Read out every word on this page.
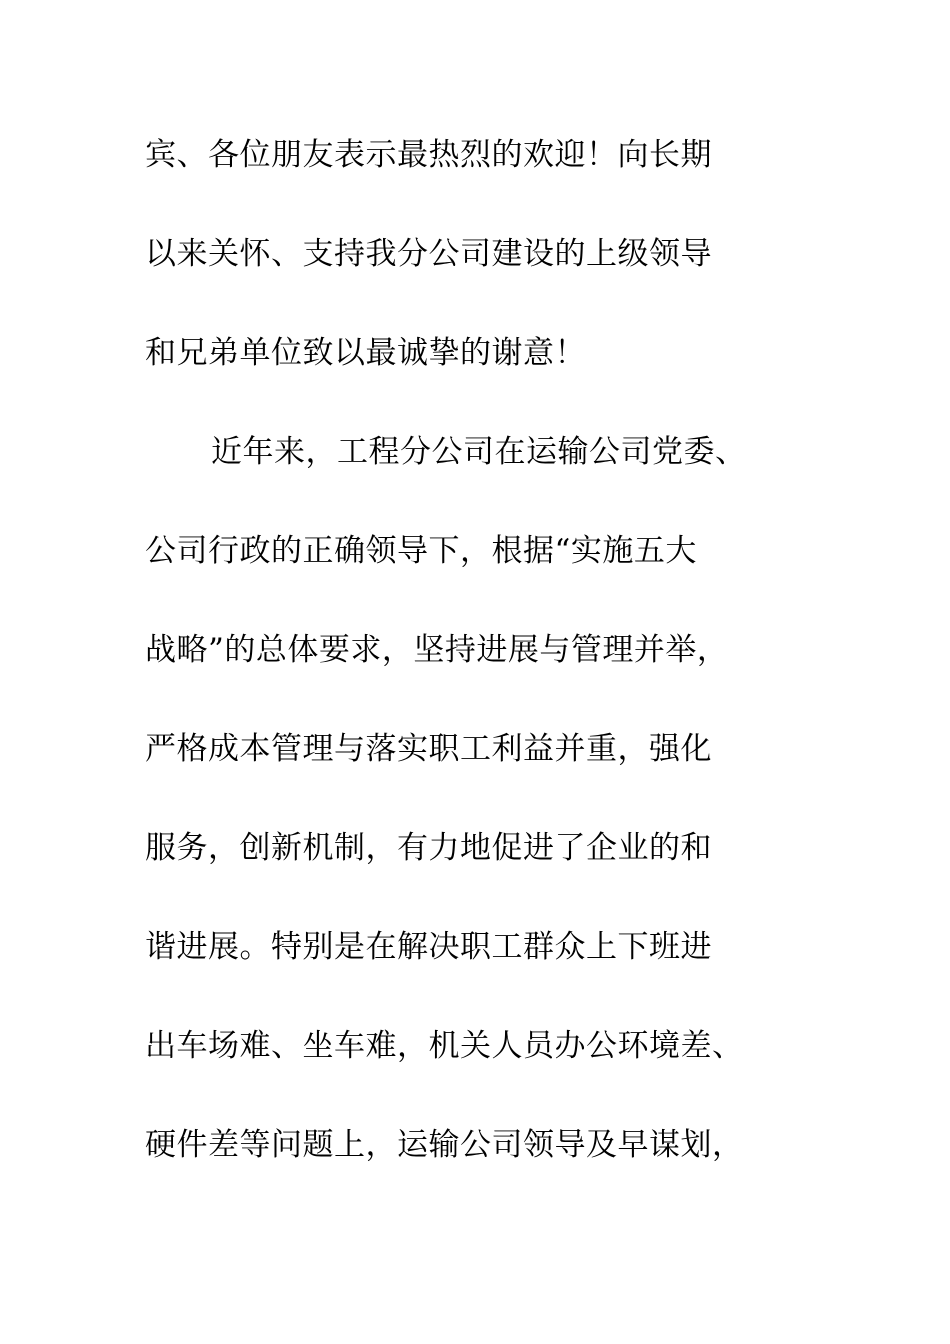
宾、各位朋友表示最热烈的欢迎！向长期
以来关怀、支持我分公司建设的上级领导
和兄弟单位致以最诚挚的谢意！
近年来，工程分公司在运输公司党委、
公司行政的正确领导下，根据“实施五大
战略”的总体要求，坚持进展与管理并举，
严格成本管理与落实职工利益并重，强化
服务，创新机制，有力地促进了企业的和
谐进展。特别是在解决职工群众上下班进
出车场难、坐车难，机关人员办公环境差、
硬件差等问题上，运输公司领导及早谋划，
